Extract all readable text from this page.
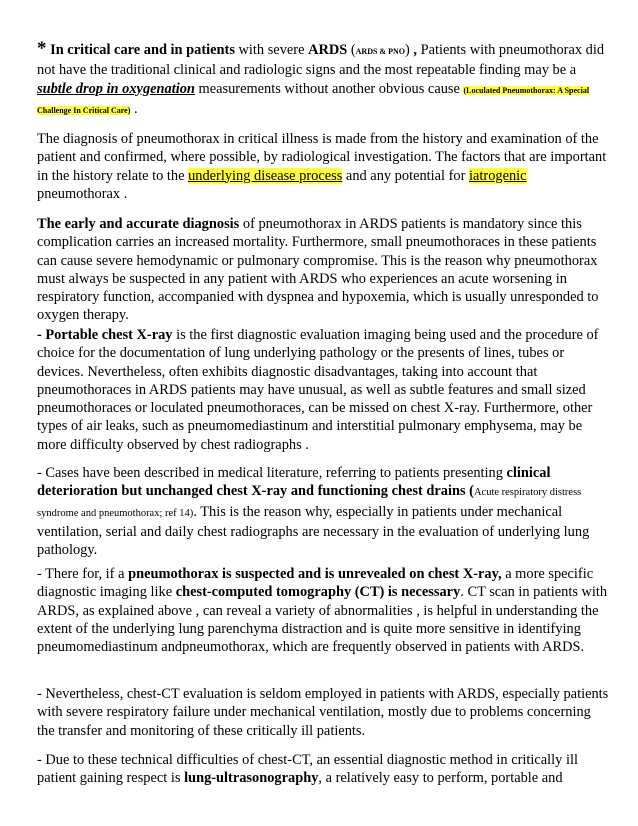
* In critical care and in patients with severe ARDS (ARDS & PNO) , Patients with pneumothorax did not have the traditional clinical and radiologic signs and the most repeatable finding may be a subtle drop in oxygenation measurements without another obvious cause (Loculated Pneumothorax: A Special Challenge In Critical Care) .

The diagnosis of pneumothorax in critical illness is made from the history and examination of the patient and confirmed, where possible, by radiological investigation. The factors that are important in the history relate to the underlying disease process and any potential for iatrogenic pneumothorax .

The early and accurate diagnosis of pneumothorax in ARDS patients is mandatory since this complication carries an increased mortality. Furthermore, small pneumothoraces in these patients can cause severe hemodynamic or pulmonary compromise. This is the reason why pneumothorax must always be suspected in any patient with ARDS who experiences an acute worsening in respiratory function, accompanied with dyspnea and hypoxemia, which is usually unresponded to oxygen therapy.

- Portable chest X-ray is the first diagnostic evaluation imaging being used and the procedure of choice for the documentation of lung underlying pathology or the presents of lines, tubes or devices. Nevertheless, often exhibits diagnostic disadvantages, taking into account that pneumothoraces in ARDS patients may have unusual, as well as subtle features and small sized pneumothoraces or loculated pneumothoraces, can be missed on chest X-ray. Furthermore, other types of air leaks, such as pneumomediastinum and interstitial pulmonary emphysema, may be more difficulty observed by chest radiographs .

- Cases have been described in medical literature, referring to patients presenting clinical deterioration but unchanged chest X-ray and functioning chest drains (Acute respiratory distress syndrome and pneumothorax; ref 14). This is the reason why, especially in patients under mechanical ventilation, serial and daily chest radiographs are necessary in the evaluation of underlying lung pathology.

- There for, if a pneumothorax is suspected and is unrevealed on chest X-ray, a more specific diagnostic imaging like chest-computed tomography (CT) is necessary. CT scan in patients with ARDS, as explained above , can reveal a variety of abnormalities , is helpful in understanding the extent of the underlying lung parenchyma distraction and is quite more sensitive in identifying pneumomediastinum andpneumothorax, which are frequently observed in patients with ARDS.

- Nevertheless, chest-CT evaluation is seldom employed in patients with ARDS, especially patients with severe respiratory failure under mechanical ventilation, mostly due to problems concerning the transfer and monitoring of these critically ill patients.

- Due to these technical difficulties of chest-CT, an essential diagnostic method in critically ill patient gaining respect is lung-ultrasonography, a relatively easy to perform, portable and
